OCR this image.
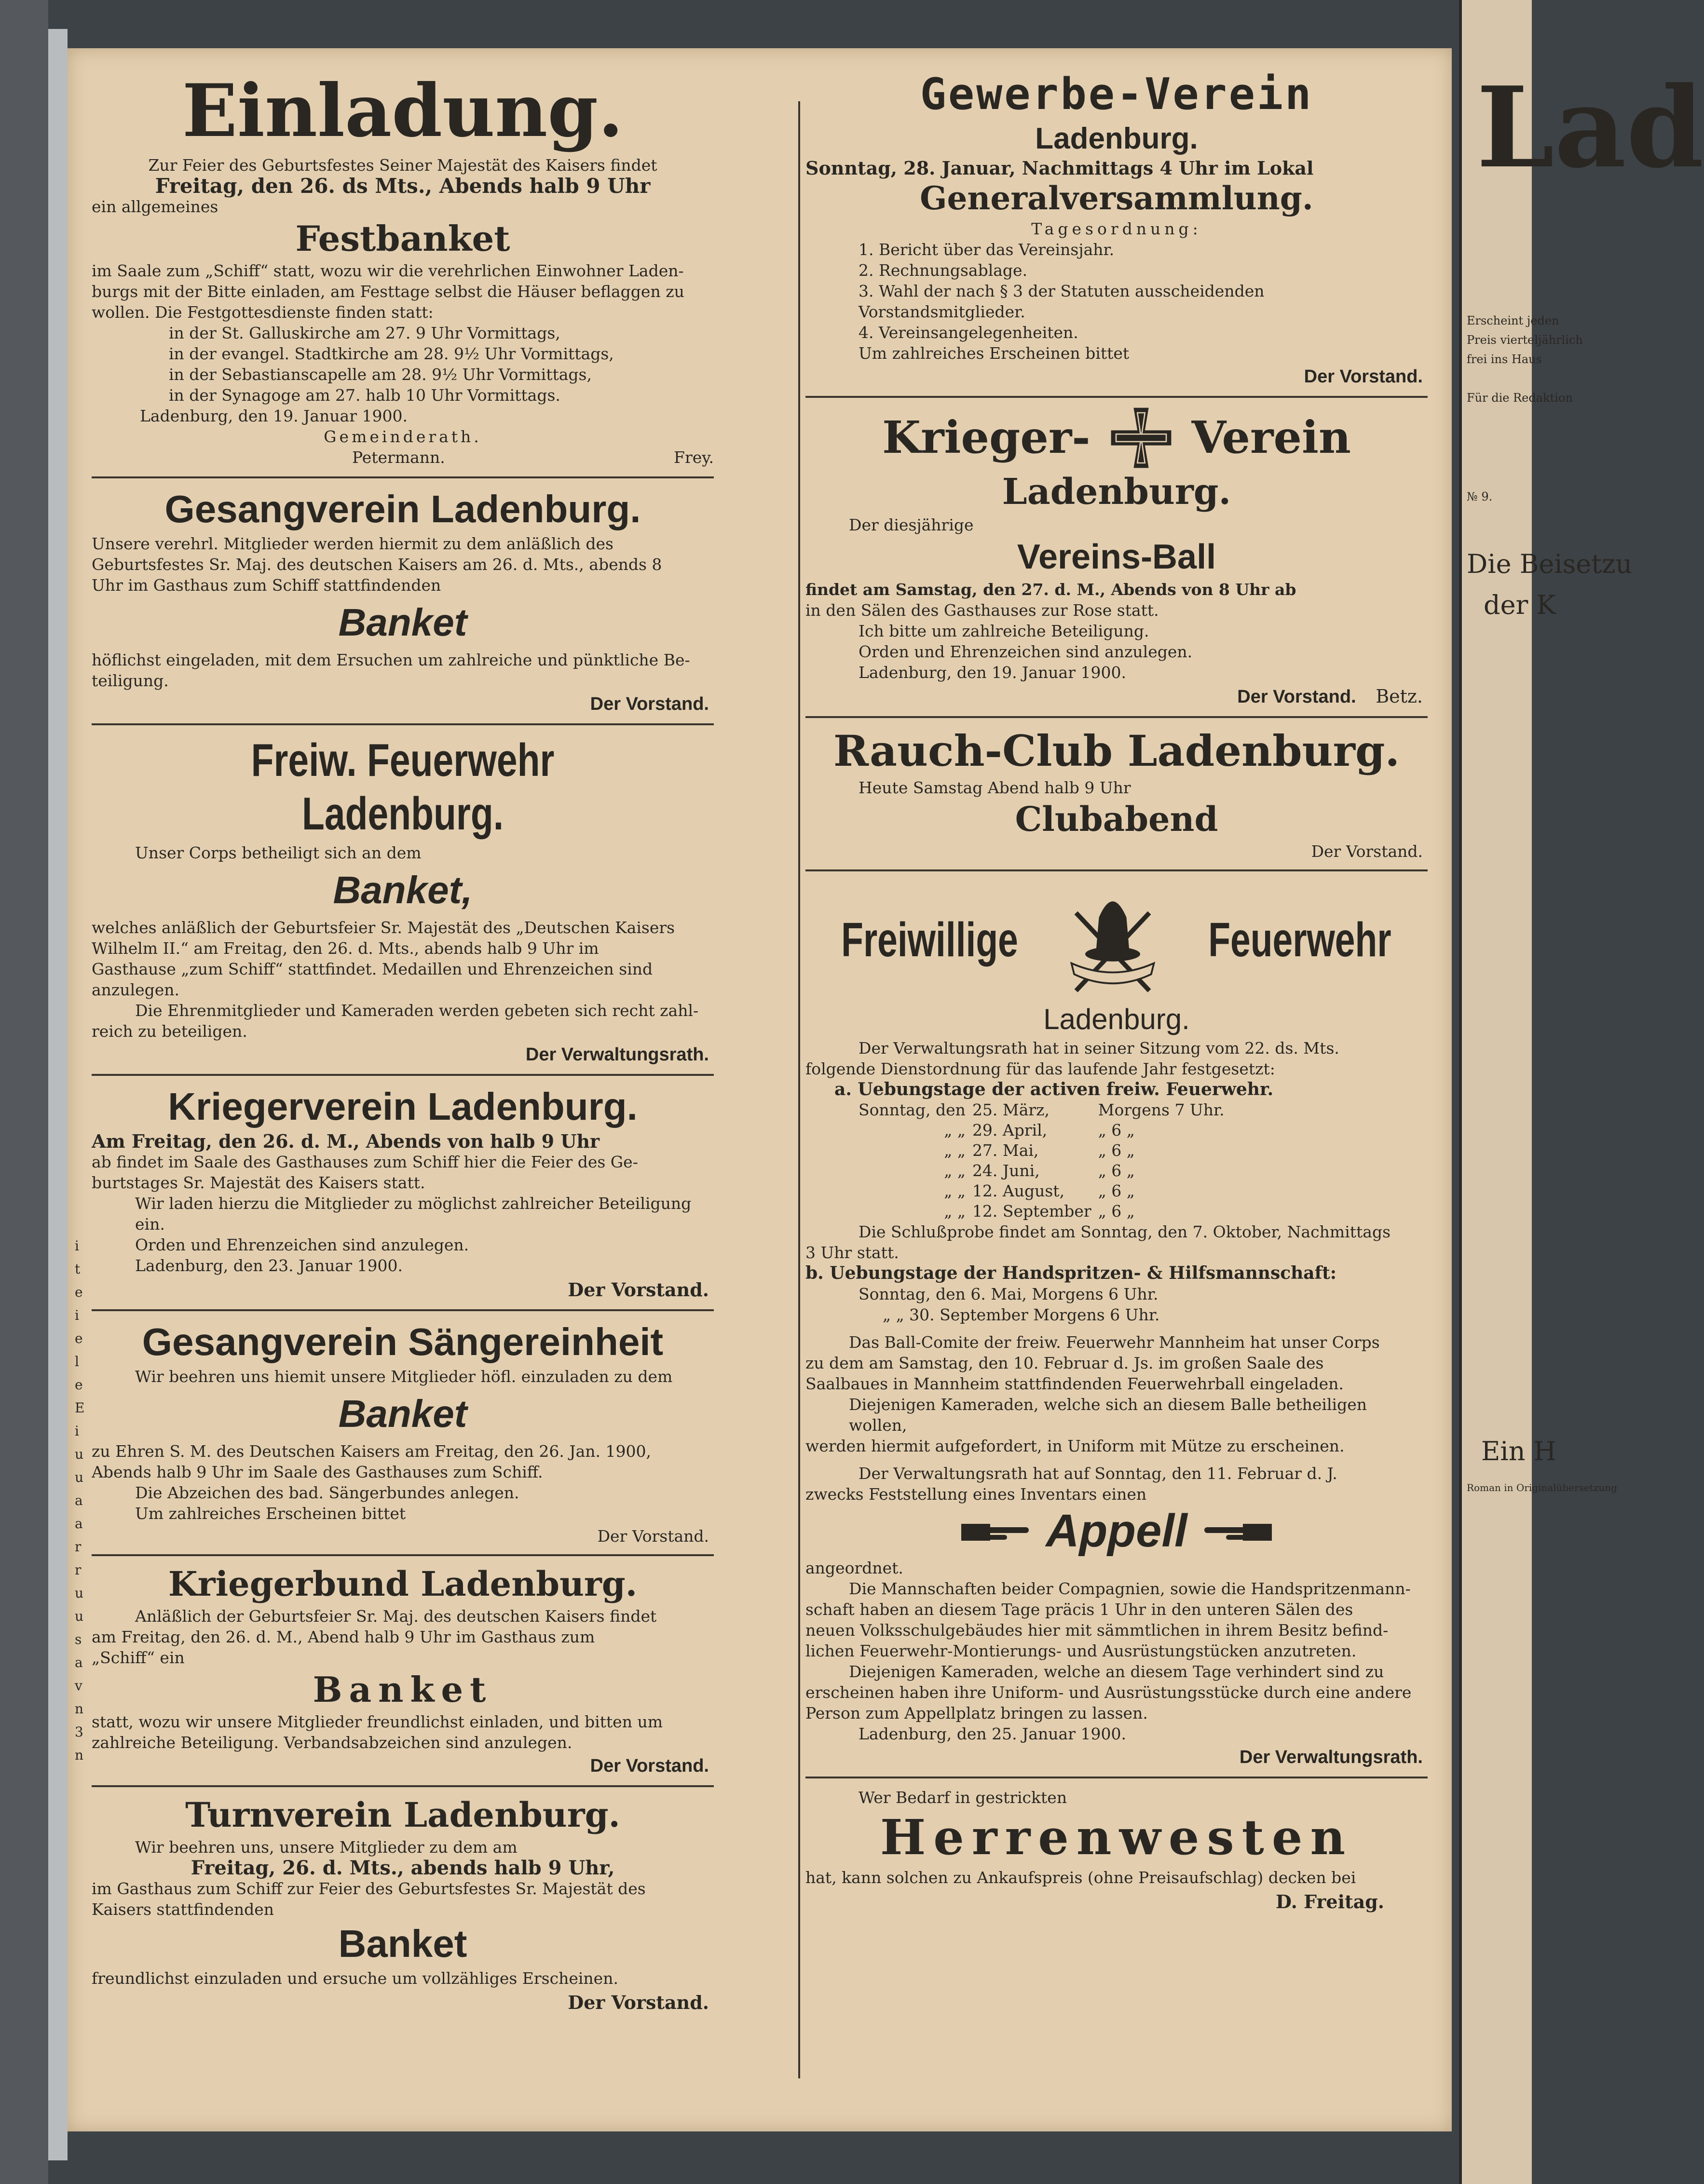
i
t
e
i
e
l
e
E
i
u
u
a
a
r
r
u
u
s
a
v
n
3
n
Einladung.

Zur Feier des Geburtsfestes Seiner Majestät des Kaisers findet

Freitag, den 26. ds Mts., Abends halb 9 Uhr

ein allgemeines

Festbanket

im Saale zum „Schiff“ statt, wozu wir die verehrlichen Einwohner Laden-

burgs mit der Bitte einladen, am Festtage selbst die Häuser beflaggen zu

wollen. Die Festgottesdienste finden statt:

in der St. Galluskirche am 27. 9 Uhr Vormittags,

in der evangel. Stadtkirche am 28. 9½ Uhr Vormittags,

in der Sebastianscapelle am 28. 9½ Uhr Vormittags,

in der Synagoge am 27. halb 10 Uhr Vormittags.

Ladenburg, den 19. Januar 1900.

Gemeinderath.

Petermann.	Frey.
Gesangverein Ladenburg.

Unsere verehrl. Mitglieder werden hiermit zu dem anläßlich des

Geburtsfestes Sr. Maj. des deutschen Kaisers am 26. d. Mts., abends 8

Uhr im Gasthaus zum Schiff stattfindenden

Banket

höflichst eingeladen, mit dem Ersuchen um zahlreiche und pünktliche Be-

teiligung.

Der Vorstand.
Freiw. Feuerwehr Ladenburg.

Unser Corps betheiligt sich an dem

Banket,

welches anläßlich der Geburtsfeier Sr. Majestät des „Deutschen Kaisers

Wilhelm II.“ am Freitag, den 26. d. Mts., abends halb 9 Uhr im

Gasthause „zum Schiff“ stattfindet. Medaillen und Ehrenzeichen sind

anzulegen.

Die Ehrenmitglieder und Kameraden werden gebeten sich recht zahl-

reich zu beteiligen.

Der Verwaltungsrath.
Kriegerverein Ladenburg.

Am Freitag, den 26. d. M., Abends von halb 9 Uhr

ab findet im Saale des Gasthauses zum Schiff hier die Feier des Ge-

burtstages Sr. Majestät des Kaisers statt.

Wir laden hierzu die Mitglieder zu möglichst zahlreicher Beteiligung ein.

Orden und Ehrenzeichen sind anzulegen.

Ladenburg, den 23. Januar 1900.

Der Vorstand.
Gesangverein Sängereinheit

Wir beehren uns hiemit unsere Mitglieder höfl. einzuladen zu dem

Banket

zu Ehren S. M. des Deutschen Kaisers am Freitag, den 26. Jan. 1900,

Abends halb 9 Uhr im Saale des Gasthauses zum Schiff.

Die Abzeichen des bad. Sängerbundes anlegen.

Um zahlreiches Erscheinen bittet

Der Vorstand.
Kriegerbund Ladenburg.

Anläßlich der Geburtsfeier Sr. Maj. des deutschen Kaisers findet

am Freitag, den 26. d. M., Abend halb 9 Uhr im Gasthaus zum

„Schiff“ ein

Banket

statt, wozu wir unsere Mitglieder freundlichst einladen, und bitten um

zahlreiche Beteiligung. Verbandsabzeichen sind anzulegen.

Der Vorstand.
Turnverein Ladenburg.

Wir beehren uns, unsere Mitglieder zu dem am

Freitag, 26. d. Mts., abends halb 9 Uhr,

im Gasthaus zum Schiff zur Feier des Geburtsfestes Sr. Majestät des

Kaisers stattfindenden

Banket

freundlichst einzuladen und ersuche um vollzähliges Erscheinen.

Der Vorstand.
Gewerbe-Verein
Ladenburg.

Sonntag, 28. Januar, Nachmittags 4 Uhr im Lokal

Generalversammlung.

Tagesordnung:

1. Bericht über das Vereinsjahr.

2. Rechnungsablage.

3. Wahl der nach § 3 der Statuten ausscheidenden Vorstandsmitglieder.

4. Vereinsangelegenheiten.

Um zahlreiches Erscheinen bittet

Der Vorstand.
Krieger- Verein
Ladenburg.

Der diesjährige

Vereins-Ball

findet am Samstag, den 27. d. M., Abends von 8 Uhr ab

in den Sälen des Gasthauses zur Rose statt.

Ich bitte um zahlreiche Beteiligung.

Orden und Ehrenzeichen sind anzulegen.

Ladenburg, den 19. Januar 1900.

Der Vorstand. Betz.
Rauch-Club Ladenburg.

Heute Samstag Abend halb 9 Uhr

Clubabend
Der Vorstand.
Freiwillige	Feuerwehr
Ladenburg.

Der Verwaltungsrath hat in seiner Sitzung vom 22. ds. Mts.

folgende Dienstordnung für das laufende Jahr festgesetzt:

a. Uebungstage der activen freiw. Feuerwehr.

Sonntag, den	25. März,	Morgens 7 Uhr.
„ „	29. April,	„ 6 „
„ „	27. Mai,	„ 6 „
„ „	24. Juni,	„ 6 „
„ „	12. August,	„ 6 „
„ „	12. September	„ 6 „

Die Schlußprobe findet am Sonntag, den 7. Oktober, Nachmittags

3 Uhr statt.

b. Uebungstage der Handspritzen- & Hilfsmannschaft:

Sonntag, den 6. Mai, Morgens 6 Uhr.

„ „ 30. September Morgens 6 Uhr.

Das Ball-Comite der freiw. Feuerwehr Mannheim hat unser Corps

zu dem am Samstag, den 10. Februar d. Js. im großen Saale des

Saalbaues in Mannheim stattfindenden Feuerwehrball eingeladen.

Diejenigen Kameraden, welche sich an diesem Balle betheiligen wollen,

werden hiermit aufgefordert, in Uniform mit Mütze zu erscheinen.

Der Verwaltungsrath hat auf Sonntag, den 11. Februar d. J.

zwecks Feststellung eines Inventars einen

Appell

angeordnet.

Die Mannschaften beider Compagnien, sowie die Handspritzenmann-

schaft haben an diesem Tage präcis 1 Uhr in den unteren Sälen des

neuen Volksschulgebäudes hier mit sämmtlichen in ihrem Besitz befind-

lichen Feuerwehr-Montierungs- und Ausrüstungstücken anzutreten.

Diejenigen Kameraden, welche an diesem Tage verhindert sind zu

erscheinen haben ihre Uniform- und Ausrüstungsstücke durch eine andere

Person zum Appellplatz bringen zu lassen.

Ladenburg, den 25. Januar 1900.

Der Verwaltungsrath.

Wer Bedarf in gestrickten

Herrenwesten

hat, kann solchen zu Ankaufspreis (ohne Preisaufschlag) decken bei

D. Freitag.
Lad
Erscheint jeden
Preis vierteljährlich
frei ins Haus
Für die Redaktion
№ 9.
Die Beisetzu
der K
Ein H
Roman in Originalübersetzung
